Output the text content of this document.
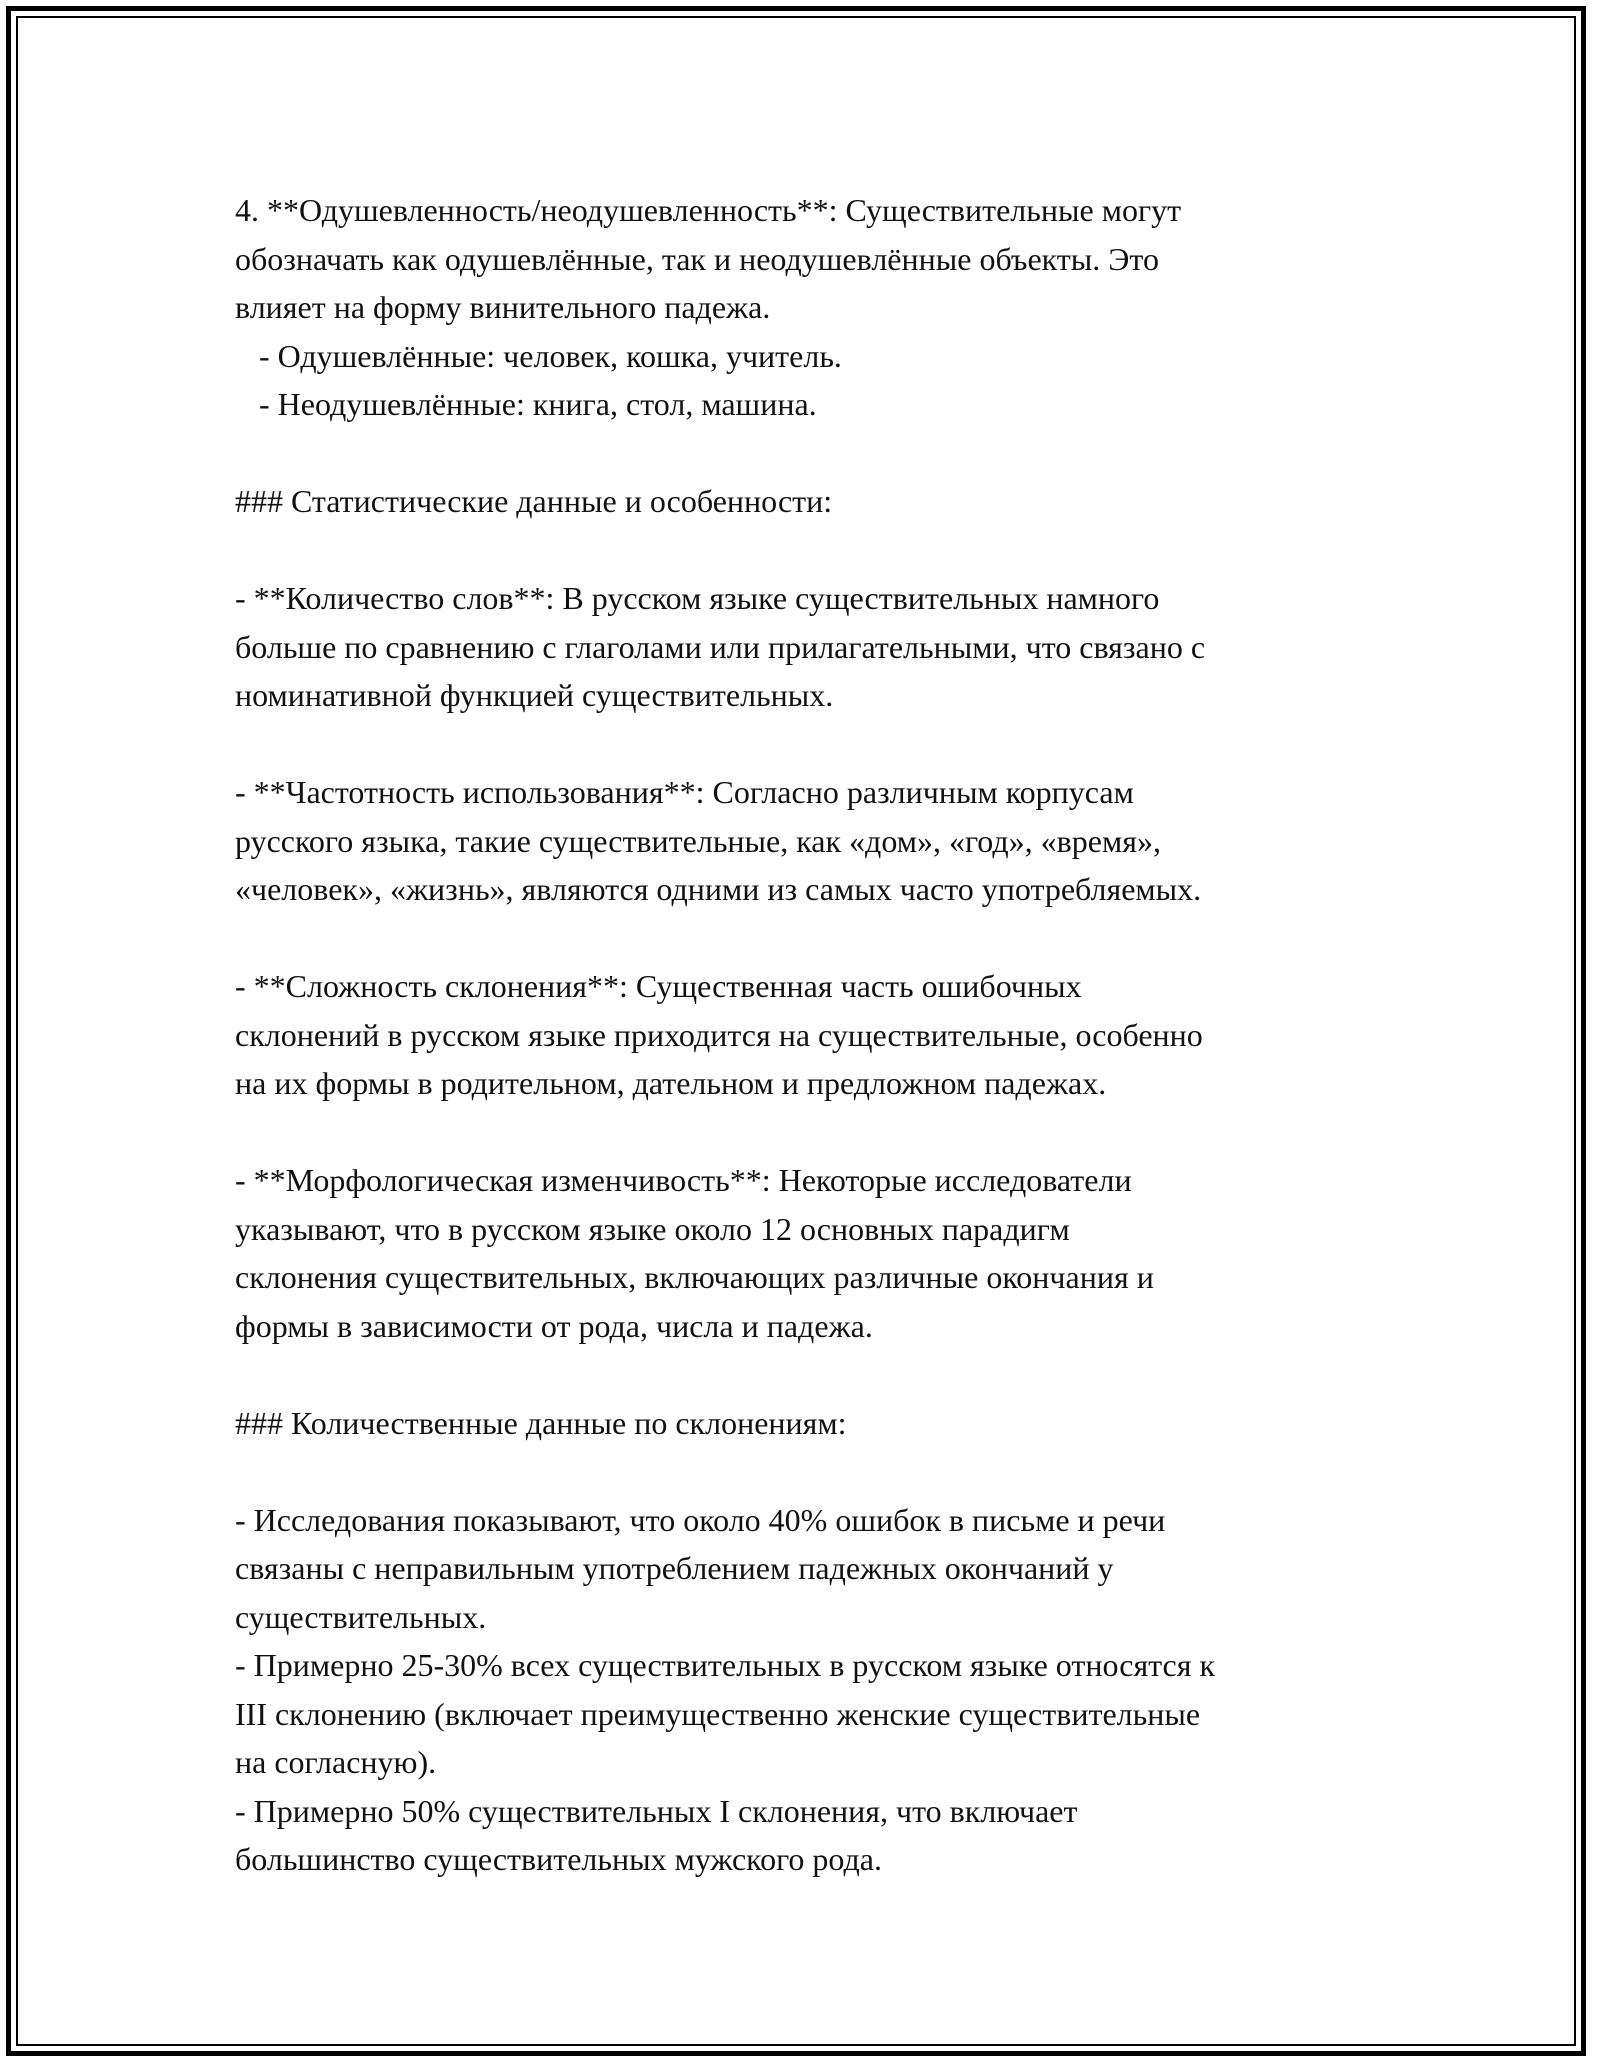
4. **Одушевленность/неодушевленность**: Существительные могут
обозначать как одушевлённые, так и неодушевлённые объекты. Это
влияет на форму винительного падежа.
- Одушевлённые: человек, кошка, учитель.
- Неодушевлённые: книга, стол, машина.
### Статистические данные и особенности:
- **Количество слов**: В русском языке существительных намного
больше по сравнению с глаголами или прилагательными, что связано с
номинативной функцией существительных.
- **Частотность использования**: Согласно различным корпусам
русского языка, такие существительные, как «дом», «год», «время»,
«человек», «жизнь», являются одними из самых часто употребляемых.
- **Сложность склонения**: Существенная часть ошибочных
склонений в русском языке приходится на существительные, особенно
на их формы в родительном, дательном и предложном падежах.
- **Морфологическая изменчивость**: Некоторые исследователи
указывают, что в русском языке около 12 основных парадигм
склонения существительных, включающих различные окончания и
формы в зависимости от рода, числа и падежа.
### Количественные данные по склонениям:
- Исследования показывают, что около 40% ошибок в письме и речи
связаны с неправильным употреблением падежных окончаний у
существительных.
- Примерно 25-30% всех существительных в русском языке относятся к
III склонению (включает преимущественно женские существительные
на согласную).
- Примерно 50% существительных I склонения, что включает
большинство существительных мужского рода.
